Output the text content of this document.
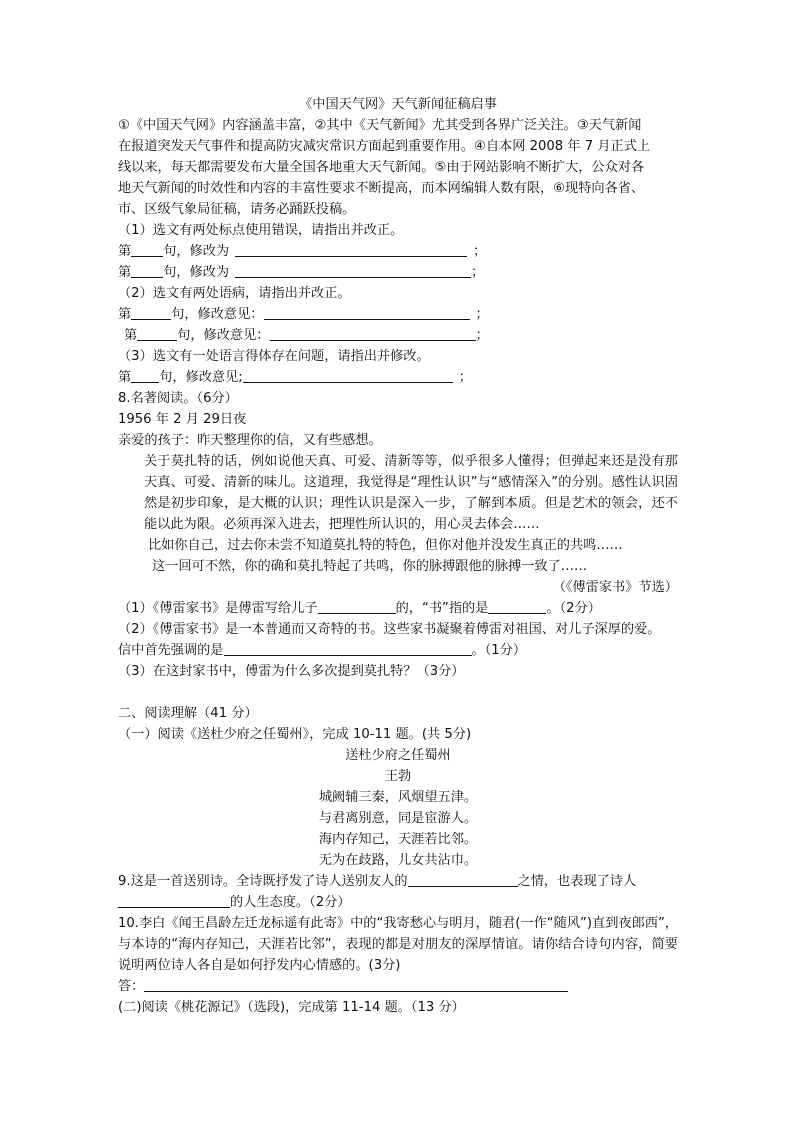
《中国天气网》天气新闻征稿启事

①《中国天气网》内容涵盖丰富，②其中《天气新闻》尤其受到各界广泛关注。③天气新闻

在报道突发天气事件和提高防灾减灾常识方面起到重要作用。④自本网 2008 年 7 月正式上

线以来，每天都需要发布大量全国各地重大天气新闻。⑤由于网站影响不断扩大，公众对各

地天气新闻的时效性和内容的丰富性要求不断提高，而本网编辑人数有限，⑥现特向各省、

市、区级气象局征稿，请务必踊跃投稿。

（1）选文有两处标点使用错误，请指出并改正。

第 句，修改为	；

第 句，修改为	；

（2）选文有两处语病，请指出并改正。

第	句，修改意见：	；

第	句，修改意见：	；

（3）选文有一处语言得体存在问题，请指出并修改。

第 句，修改意见;	；

8.名著阅读。（6分）

1956 年 2 月 29日夜

亲爱的孩子：昨天整理你的信，又有些感想。

关于莫扎特的话，例如说他天真、可爱、清新等等，似乎很多人懂得；但弹起来还是没有那天真、可爱、清新的味儿。这道理，我觉得是“理性认识”与“感情深入”的分别。感性认识固然是初步印象，是大概的认识；理性认识是深入一步，了解到本质。但是艺术的领会，还不能以此为限。必须再深入进去，把理性所认识的，用心灵去体会……

比如你自己，过去你未尝不知道莫扎特的特色，但你对他并没发生真正的共鸣……

这一回可不然，你的确和莫扎特起了共鸣，你的脉搏跟他的脉搏一致了……

（《傅雷家书》节选）

（1）《傅雷家书》是傅雷写给儿子	的，“书”指的是	。（2分）

（2）《傅雷家书》是一本普通而又奇特的书。这些家书凝聚着傅雷对祖国、对儿子深厚的爱。

信中首先强调的是	。（1分）

（3）在这封家书中，傅雷为什么多次提到莫扎特？（3分）

二、阅读理解（41 分）

（一）阅读《送杜少府之任蜀州》，完成 10-11 题。(共 5分)

送杜少府之任蜀州

王勃

城阙辅三秦，风烟望五津。

与君离别意，同是宦游人。

海内存知己，天涯若比邻。

无为在歧路，儿女共沾巾。

9.这是一首送别诗。全诗既抒发了诗人送别友人的	之情，也表现了诗人

的人生态度。（2分）

10.李白《闻王昌龄左迁龙标遥有此寄》中的“我寄愁心与明月，随君(一作“随风”)直到夜郎西”，与本诗的“海内存知己，天涯若比邻”，表现的都是对朋友的深厚情谊。请你结合诗句内容，简要说明两位诗人各自是如何抒发内心情感的。(3分)

答：

(二)阅读《桃花源记》（选段)，完成第 11-14 题。（13 分）
